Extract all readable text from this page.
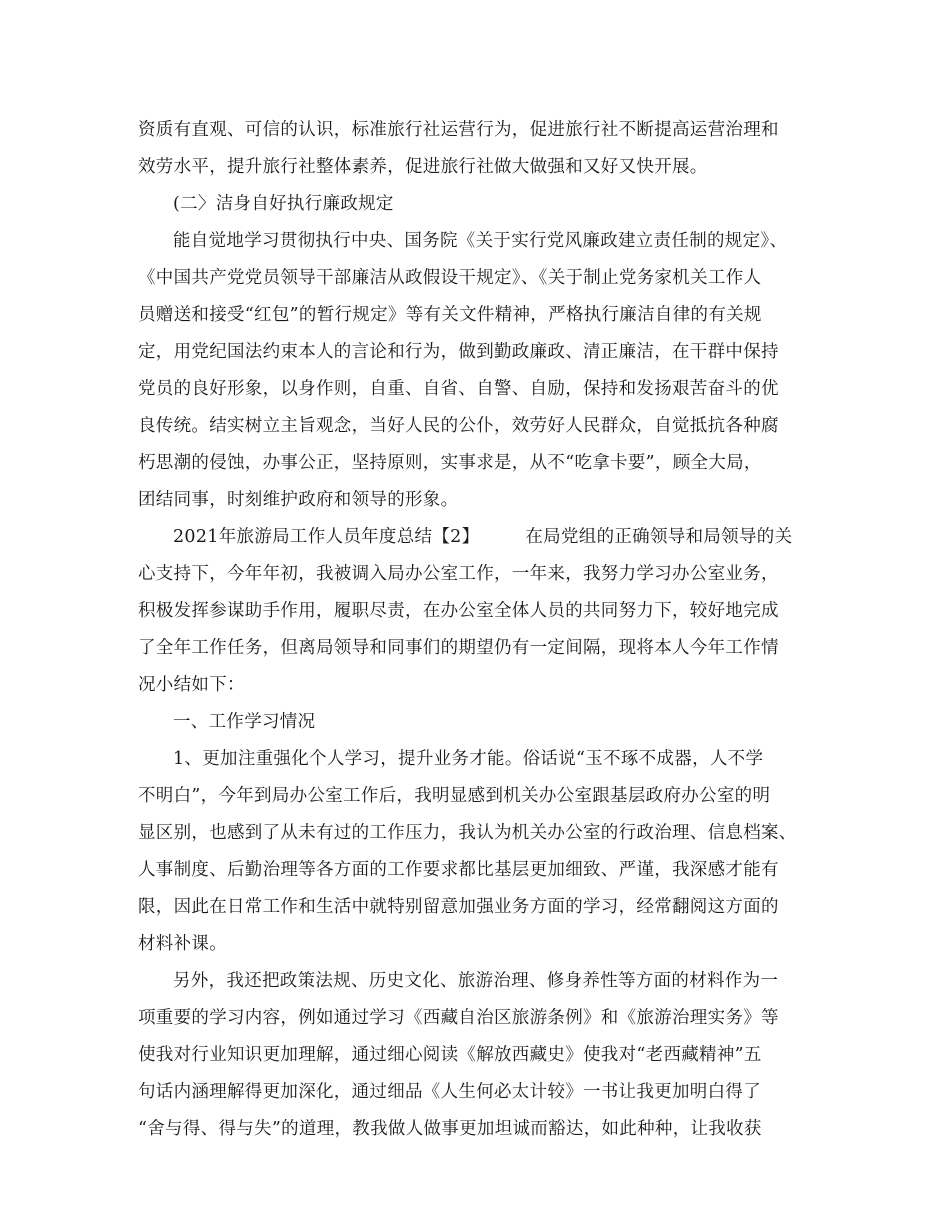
资质有直观、可信的认识，标准旅行社运营行为，促进旅行社不断提高运营治理和
效劳水平，提升旅行社整体素养，促进旅行社做大做强和又好又快开展。
(二〉洁身自好执行廉政规定
能自觉地学习贯彻执行中央、国务院《关于实行党风廉政建立责任制的规定》、
《中国共产党党员领导干部廉洁从政假设干规定》、《关于制止党务家机关工作人
员赠送和接受“红包”的暂行规定》等有关文件精神，严格执行廉洁自律的有关规
定，用党纪国法约束本人的言论和行为，做到勤政廉政、清正廉洁，在干群中保持
党员的良好形象，以身作则，自重、自省、自警、自励，保持和发扬艰苦奋斗的优
良传统。结实树立主旨观念，当好人民的公仆，效劳好人民群众，自觉抵抗各种腐
朽思潮的侵蚀，办事公正，坚持原则，实事求是，从不“吃拿卡要”，顾全大局，
团结同事，时刻维护政府和领导的形象。
2021年旅游局工作人员年度总结【2】	在局党组的正确领导和局领导的关
心支持下，今年年初，我被调入局办公室工作，一年来，我努力学习办公室业务，
积极发挥参谋助手作用，履职尽责，在办公室全体人员的共同努力下，较好地完成
了全年工作任务，但离局领导和同事们的期望仍有一定间隔，现将本人今年工作情
况小结如下：
一、工作学习情况
1、更加注重强化个人学习，提升业务才能。俗话说“玉不琢不成器，人不学
不明白”，今年到局办公室工作后，我明显感到机关办公室跟基层政府办公室的明
显区别，也感到了从未有过的工作压力，我认为机关办公室的行政治理、信息档案、
人事制度、后勤治理等各方面的工作要求都比基层更加细致、严谨，我深感才能有
限，因此在日常工作和生活中就特别留意加强业务方面的学习，经常翻阅这方面的
材料补课。
另外，我还把政策法规、历史文化、旅游治理、修身养性等方面的材料作为一
项重要的学习内容，例如通过学习《西藏自治区旅游条例》和《旅游治理实务》等
使我对行业知识更加理解，通过细心阅读《解放西藏史》使我对“老西藏精神”五
句话内涵理解得更加深化，通过细品《人生何必太计较》一书让我更加明白得了
“舍与得、得与失”的道理，教我做人做事更加坦诚而豁达，如此种种，让我收获
